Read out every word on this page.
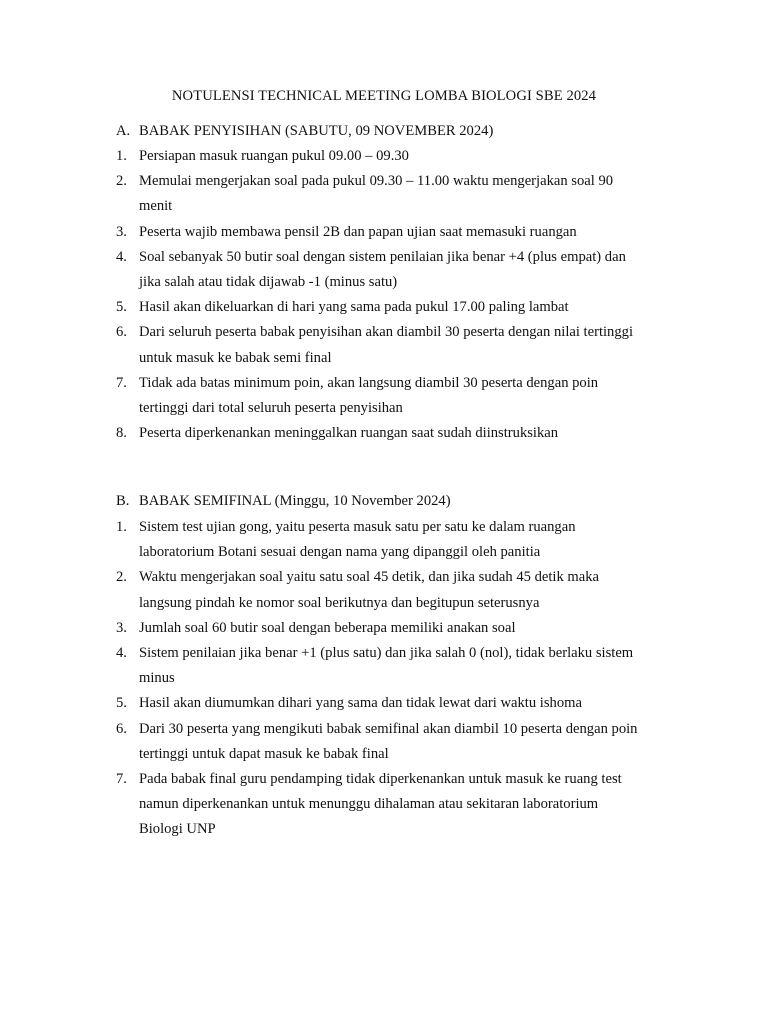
NOTULENSI TECHNICAL MEETING LOMBA BIOLOGI SBE 2024
A. BABAK PENYISIHAN (SABUTU, 09 NOVEMBER 2024)
1. Persiapan masuk ruangan pukul 09.00 – 09.30
2. Memulai mengerjakan soal pada pukul 09.30 – 11.00 waktu mengerjakan soal 90
menit
3. Peserta wajib membawa pensil 2B dan papan ujian saat memasuki ruangan
4. Soal sebanyak 50 butir soal dengan sistem penilaian jika benar +4 (plus empat) dan
jika salah atau tidak dijawab -1 (minus satu)
5. Hasil akan dikeluarkan di hari yang sama pada pukul 17.00 paling lambat
6. Dari seluruh peserta babak penyisihan akan diambil 30 peserta dengan nilai tertinggi
untuk masuk ke babak semi final
7. Tidak ada batas minimum poin, akan langsung diambil 30 peserta dengan poin
tertinggi dari total seluruh peserta penyisihan
8. Peserta diperkenankan meninggalkan ruangan saat sudah diinstruksikan
B. BABAK SEMIFINAL (Minggu, 10 November 2024)
1. Sistem test ujian gong, yaitu peserta masuk satu per satu ke dalam ruangan
laboratorium Botani sesuai dengan nama yang dipanggil oleh panitia
2. Waktu mengerjakan soal yaitu satu soal 45 detik, dan jika sudah 45 detik maka
langsung pindah ke nomor soal berikutnya dan begitupun seterusnya
3. Jumlah soal 60 butir soal dengan beberapa memiliki anakan soal
4. Sistem penilaian jika benar +1 (plus satu) dan jika salah 0 (nol), tidak berlaku sistem
minus
5. Hasil akan diumumkan dihari yang sama dan tidak lewat dari waktu ishoma
6. Dari 30 peserta yang mengikuti babak semifinal akan diambil 10 peserta dengan poin
tertinggi untuk dapat masuk ke babak final
7. Pada babak final guru pendamping tidak diperkenankan untuk masuk ke ruang test
namun diperkenankan untuk menunggu dihalaman atau sekitaran laboratorium
Biologi UNP
